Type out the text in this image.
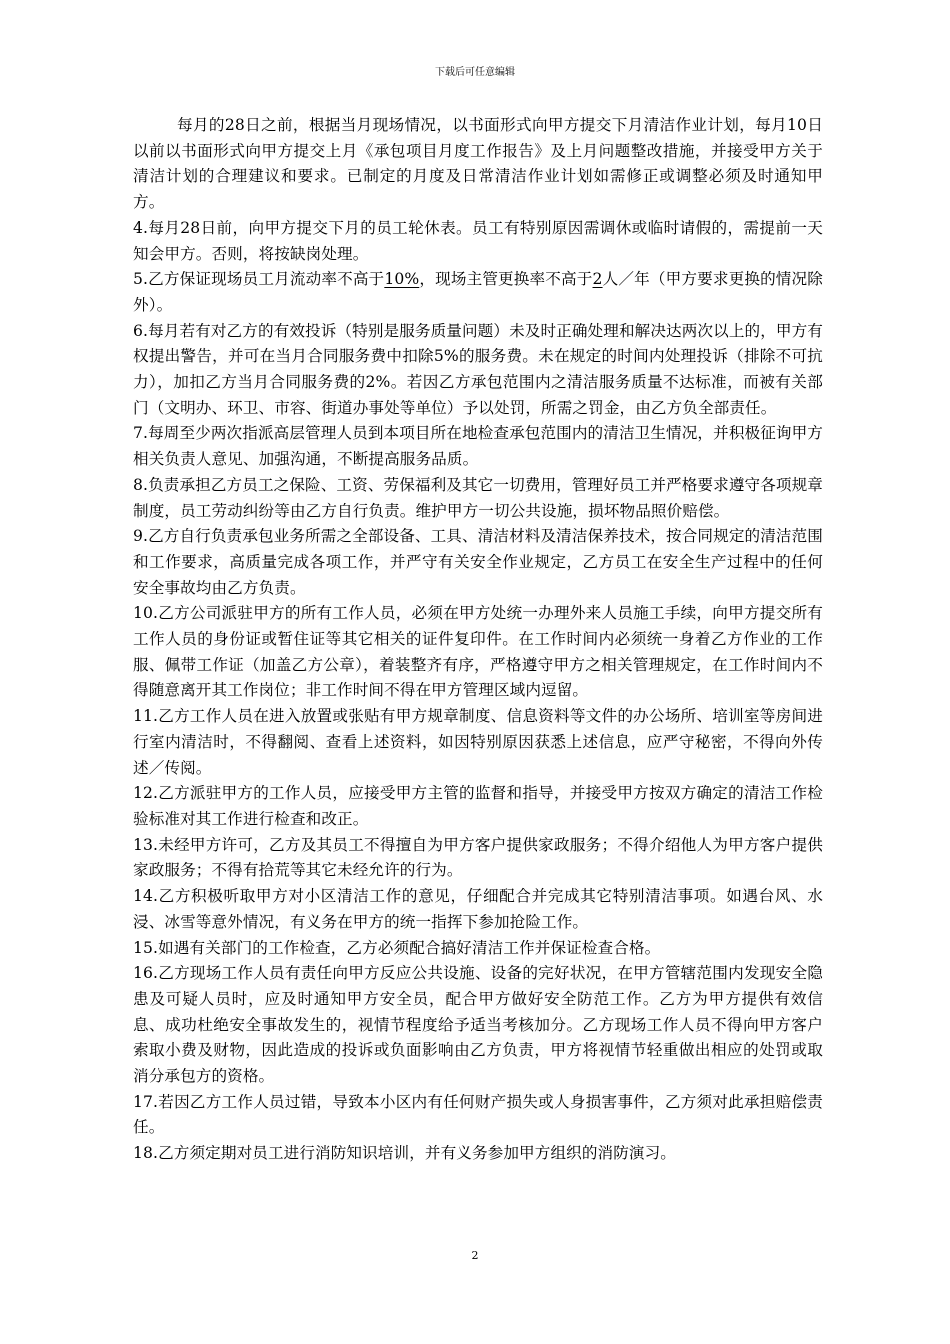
下载后可任意编辑

每月的28日之前，根据当月现场情况，以书面形式向甲方提交下月清洁作业计划，每月10日以前以书面形式向甲方提交上月《承包项目月度工作报告》及上月问题整改措施，并接受甲方关于清洁计划的合理建议和要求。已制定的月度及日常清洁作业计划如需修正或调整必须及时通知甲方。

4.每月28日前，向甲方提交下月的员工轮休表。员工有特别原因需调休或临时请假的，需提前一天知会甲方。否则，将按缺岗处理。

5.乙方保证现场员工月流动率不高于10%，现场主管更换率不高于2人／年（甲方要求更换的情况除外）。

6.每月若有对乙方的有效投诉（特别是服务质量问题）未及时正确处理和解决达两次以上的，甲方有权提出警告，并可在当月合同服务费中扣除5%的服务费。未在规定的时间内处理投诉（排除不可抗力），加扣乙方当月合同服务费的2%。若因乙方承包范围内之清洁服务质量不达标准，而被有关部门（文明办、环卫、市容、街道办事处等单位）予以处罚，所需之罚金，由乙方负全部责任。

7.每周至少两次指派高层管理人员到本项目所在地检查承包范围内的清洁卫生情况，并积极征询甲方相关负责人意见、加强沟通，不断提高服务品质。

8.负责承担乙方员工之保险、工资、劳保福利及其它一切费用，管理好员工并严格要求遵守各项规章制度，员工劳动纠纷等由乙方自行负责。维护甲方一切公共设施，损坏物品照价赔偿。

9.乙方自行负责承包业务所需之全部设备、工具、清洁材料及清洁保养技术，按合同规定的清洁范围和工作要求，高质量完成各项工作，并严守有关安全作业规定，乙方员工在安全生产过程中的任何安全事故均由乙方负责。

10.乙方公司派驻甲方的所有工作人员，必须在甲方处统一办理外来人员施工手续，向甲方提交所有工作人员的身份证或暂住证等其它相关的证件复印件。在工作时间内必须统一身着乙方作业的工作服、佩带工作证（加盖乙方公章），着装整齐有序，严格遵守甲方之相关管理规定，在工作时间内不得随意离开其工作岗位；非工作时间不得在甲方管理区域内逗留。

11.乙方工作人员在进入放置或张贴有甲方规章制度、信息资料等文件的办公场所、培训室等房间进行室内清洁时，不得翻阅、查看上述资料，如因特别原因获悉上述信息，应严守秘密，不得向外传述／传阅。

12.乙方派驻甲方的工作人员，应接受甲方主管的监督和指导，并接受甲方按双方确定的清洁工作检验标准对其工作进行检查和改正。

13.未经甲方许可，乙方及其员工不得擅自为甲方客户提供家政服务；不得介绍他人为甲方客户提供家政服务；不得有拾荒等其它未经允许的行为。

14.乙方积极听取甲方对小区清洁工作的意见，仔细配合并完成其它特别清洁事项。如遇台风、水浸、冰雪等意外情况，有义务在甲方的统一指挥下参加抢险工作。

15.如遇有关部门的工作检查，乙方必须配合搞好清洁工作并保证检查合格。

16.乙方现场工作人员有责任向甲方反应公共设施、设备的完好状况，在甲方管辖范围内发现安全隐患及可疑人员时，应及时通知甲方安全员，配合甲方做好安全防范工作。乙方为甲方提供有效信息、成功杜绝安全事故发生的，视情节程度给予适当考核加分。乙方现场工作人员不得向甲方客户索取小费及财物，因此造成的投诉或负面影响由乙方负责，甲方将视情节轻重做出相应的处罚或取消分承包方的资格。

17.若因乙方工作人员过错，导致本小区内有任何财产损失或人身损害事件，乙方须对此承担赔偿责任。

18.乙方须定期对员工进行消防知识培训，并有义务参加甲方组织的消防演习。

2
